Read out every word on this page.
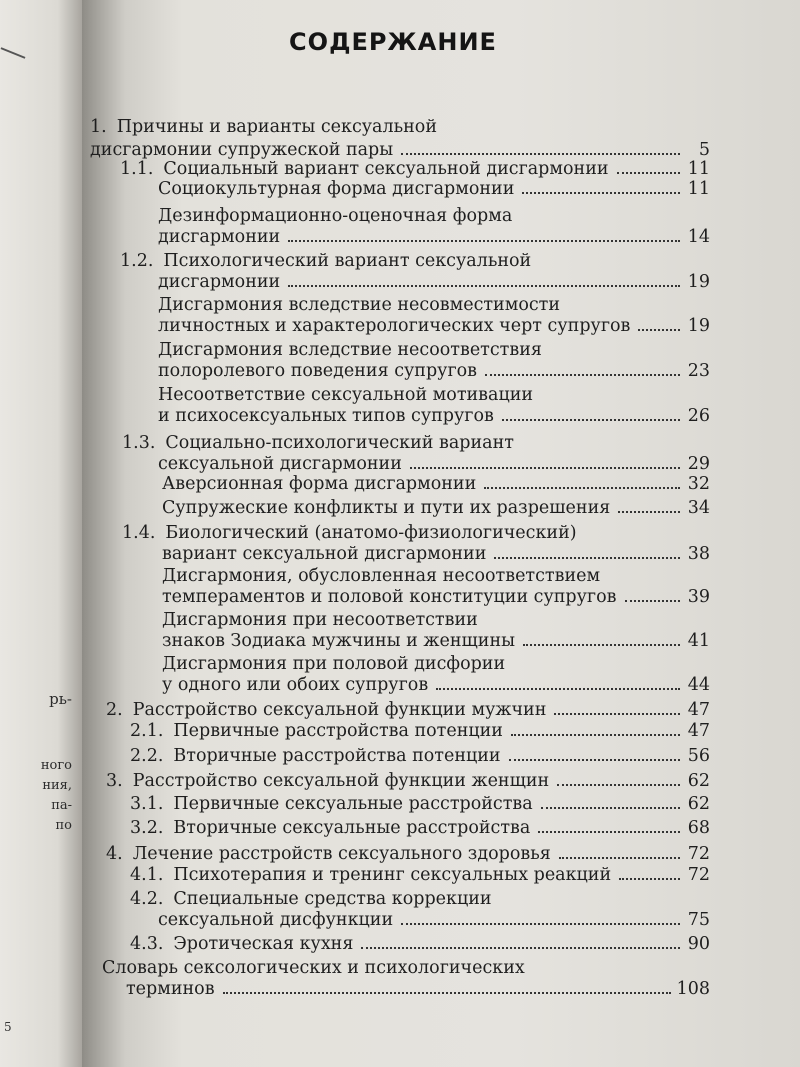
рь-
ного
ния,
па-
по
5
СОДЕРЖАНИЕ
1. Причины и варианты сексуальной
дисгармонии супружеской пары	5
1.1. Социальный вариант сексуальной дисгармонии	11
Социокультурная форма дисгармонии	11
Дезинформационно-оценочная форма
дисгармонии	14
1.2. Психологический вариант сексуальной
дисгармонии	19
Дисгармония вследствие несовместимости
личностных и характерологических черт супругов	19
Дисгармония вследствие несоответствия
полоролевого поведения супругов	23
Несоответствие сексуальной мотивации
и психосексуальных типов супругов	26
1.3. Социально-психологический вариант
сексуальной дисгармонии	29
Аверсионная форма дисгармонии	32
Супружеские конфликты и пути их разрешения	34
1.4. Биологический (анатомо-физиологический)
вариант сексуальной дисгармонии	38
Дисгармония, обусловленная несоответствием
темпераментов и половой конституции супругов	39
Дисгармония при несоответствии
знаков Зодиака мужчины и женщины	41
Дисгармония при половой дисфории
у одного или обоих супругов	44
2. Расстройство сексуальной функции мужчин	47
2.1. Первичные расстройства потенции	47
2.2. Вторичные расстройства потенции	56
3. Расстройство сексуальной функции женщин	62
3.1. Первичные сексуальные расстройства	62
3.2. Вторичные сексуальные расстройства	68
4. Лечение расстройств сексуального здоровья	72
4.1. Психотерапия и тренинг сексуальных реакций	72
4.2. Специальные средства коррекции
сексуальной дисфункции	75
4.3. Эротическая кухня	90
Словарь сексологических и психологических
терминов	108
